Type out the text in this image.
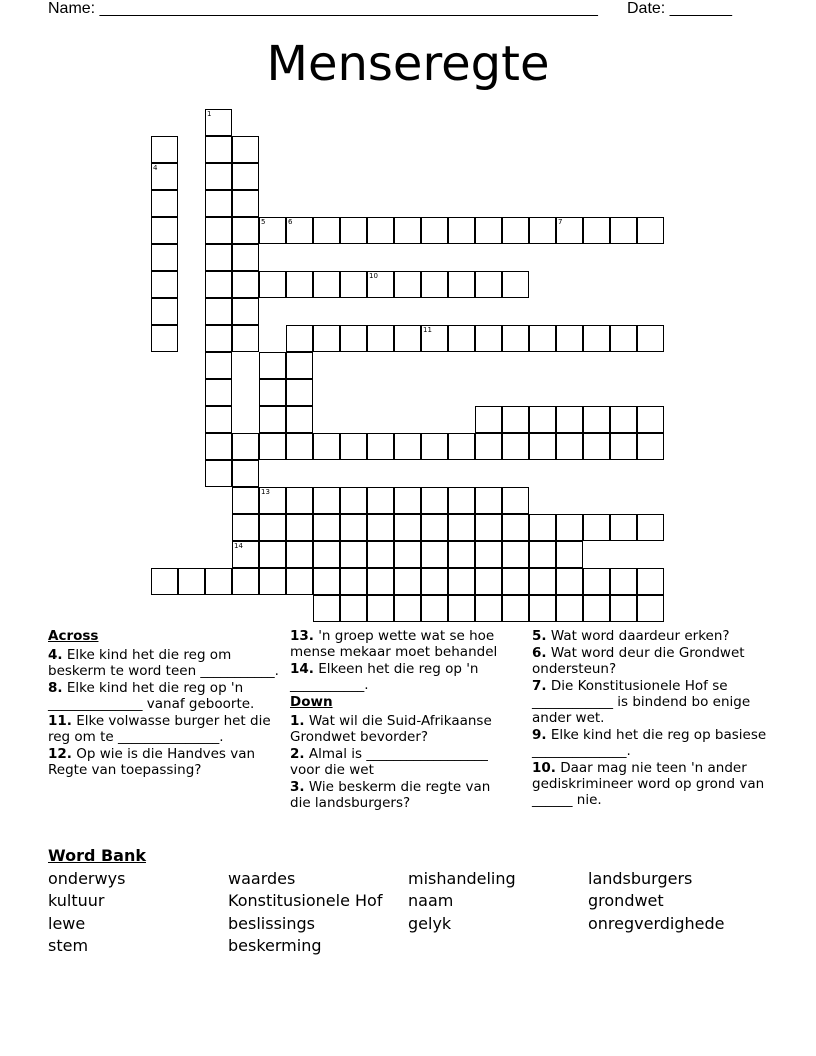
Name: ________________________________________________________ Date: _______
Menseregte
4
1
5	6	7
10
11
13
14

Across

4. Elke kind het die reg om beskerm te word teen ___________.

8. Elke kind het die reg op 'n ______________ vanaf geboorte.

11. Elke volwasse burger het die reg om te _______________.

12. Op wie is die Handves van Regte van toepassing?

13. 'n groep wette wat se hoe mense mekaar moet behandel

14. Elkeen het die reg op 'n ___________.

Down

1. Wat wil die Suid-Afrikaanse Grondwet bevorder?

2. Almal is __________________ voor die wet

3. Wie beskerm die regte van die landsburgers?

5. Wat word daardeur erken?

6. Wat word deur die Grondwet ondersteun?

7. Die Konstitusionele Hof se ____________ is bindend bo enige ander wet.

9. Elke kind het die reg op basiese ______________.

10. Daar mag nie teen 'n ander gediskrimineer word op grond van ______ nie.

Word Bank
onderwys
kultuur
lewe
stem
waardes
Konstitusionele Hof
beslissings
beskerming
mishandeling
naam
gelyk
landsburgers
grondwet
onregverdighede
